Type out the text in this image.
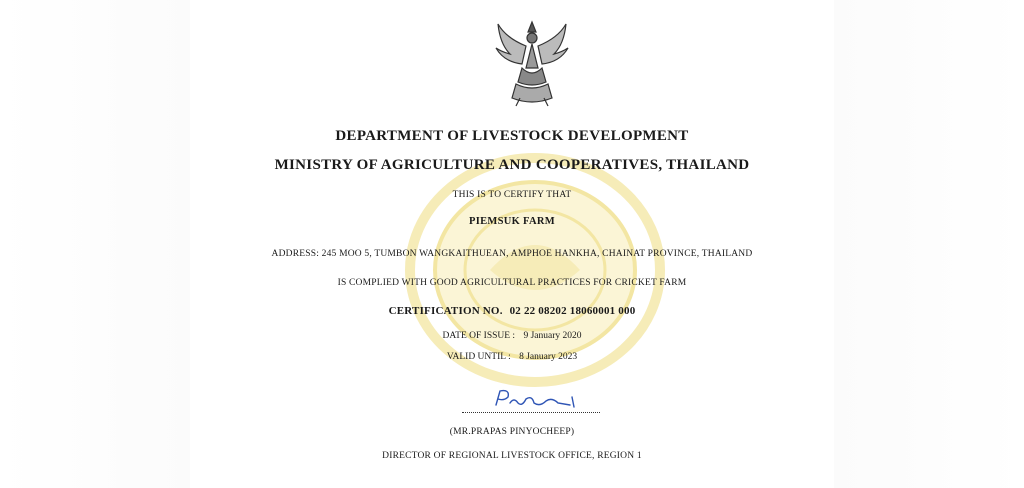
DEPARTMENT OF LIVESTOCK DEVELOPMENT
MINISTRY OF AGRICULTURE AND COOPERATIVES, THAILAND
THIS IS TO CERTIFY THAT
PIEMSUK FARM
ADDRESS: 245 MOO 5, TUMBON WANGKAITHUEAN, AMPHOE HANKHA, CHAINAT PROVINCE, THAILAND
IS COMPLIED WITH GOOD AGRICULTURAL PRACTICES FOR CRICKET FARM
CERTIFICATION NO. 02 22 08202 18060001 000
DATE OF ISSUE : 9 January 2020
VALID UNTIL : 8 January 2023
(MR.PRAPAS PINYOCHEEP)
DIRECTOR OF REGIONAL LIVESTOCK OFFICE, REGION 1
